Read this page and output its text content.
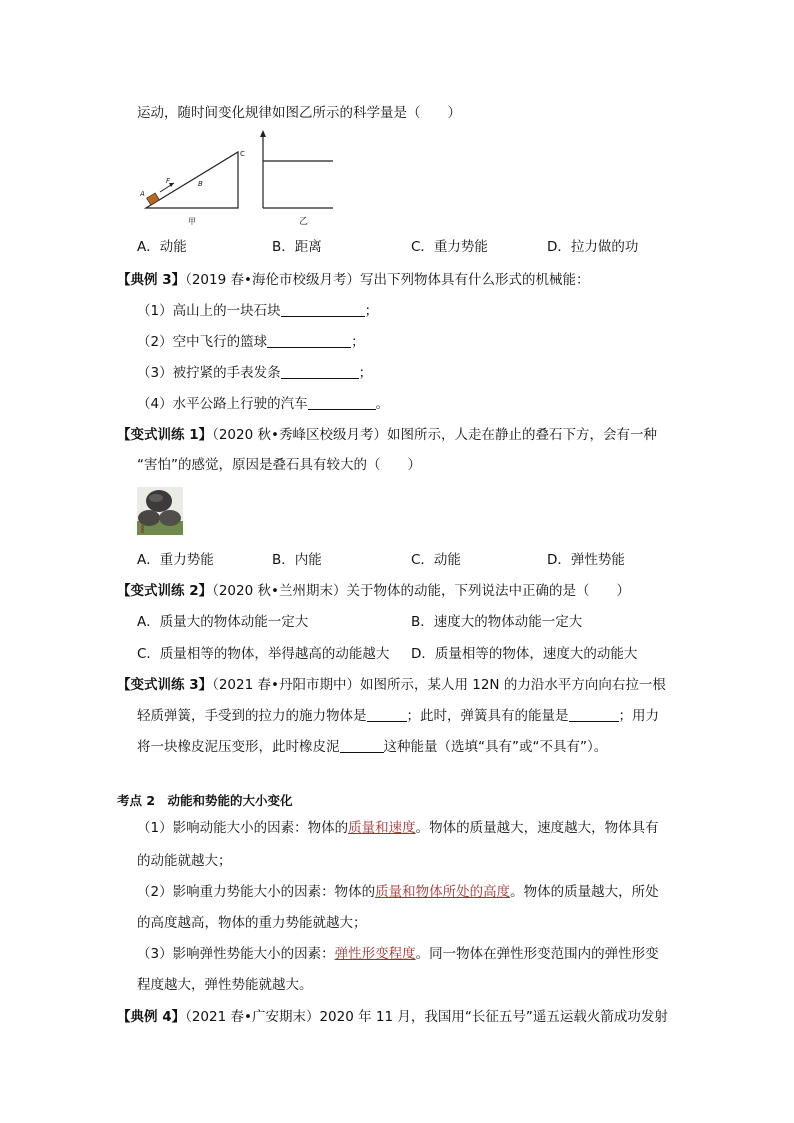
运动，随时间变化规律如图乙所示的科学量是（　　）
A
F	B
C
甲	乙
A．动能	B．距离	C．重力势能	D．拉力做的功
【典例 3】（2019 春•海伦市校级月考）写出下列物体具有什么形式的机械能：
（1）高山上的一块石块	；
（2）空中飞行的篮球	；
（3）被拧紧的手表发条	；
（4）水平公路上行驶的汽车	。
【变式训练 1】（2020 秋•秀峰区校级月考）如图所示，人走在静止的叠石下方，会有一种
“害怕”的感觉，原因是叠石具有较大的（　　）
A．重力势能	B．内能	C．动能	D．弹性势能
【变式训练 2】（2020 秋•兰州期末）关于物体的动能，下列说法中正确的是（　　）
A．质量大的物体动能一定大	B．速度大的物体动能一定大
C．质量相等的物体，举得越高的动能越大 D．质量相等的物体，速度大的动能大
【变式训练 3】（2021 春•丹阳市期中）如图所示，某人用 12N 的力沿水平方向向右拉一根
轻质弹簧，手受到的拉力的施力物体是	；此时，弹簧具有的能量是	；用力
将一块橡皮泥压变形，此时橡皮泥	这种能量（选填“具有”或“不具有”）。
考点 2　动能和势能的大小变化
（1）影响动能大小的因素：物体的质量和速度。物体的质量越大，速度越大，物体具有
的动能就越大；
（2）影响重力势能大小的因素：物体的质量和物体所处的高度。物体的质量越大，所处
的高度越高，物体的重力势能就越大；
（3）影响弹性势能大小的因素：弹性形变程度。同一物体在弹性形变范围内的弹性形变
程度越大，弹性势能就越大。
【典例 4】（2021 春•广安期末）2020 年 11 月，我国用“长征五号”遥五运载火箭成功发射
